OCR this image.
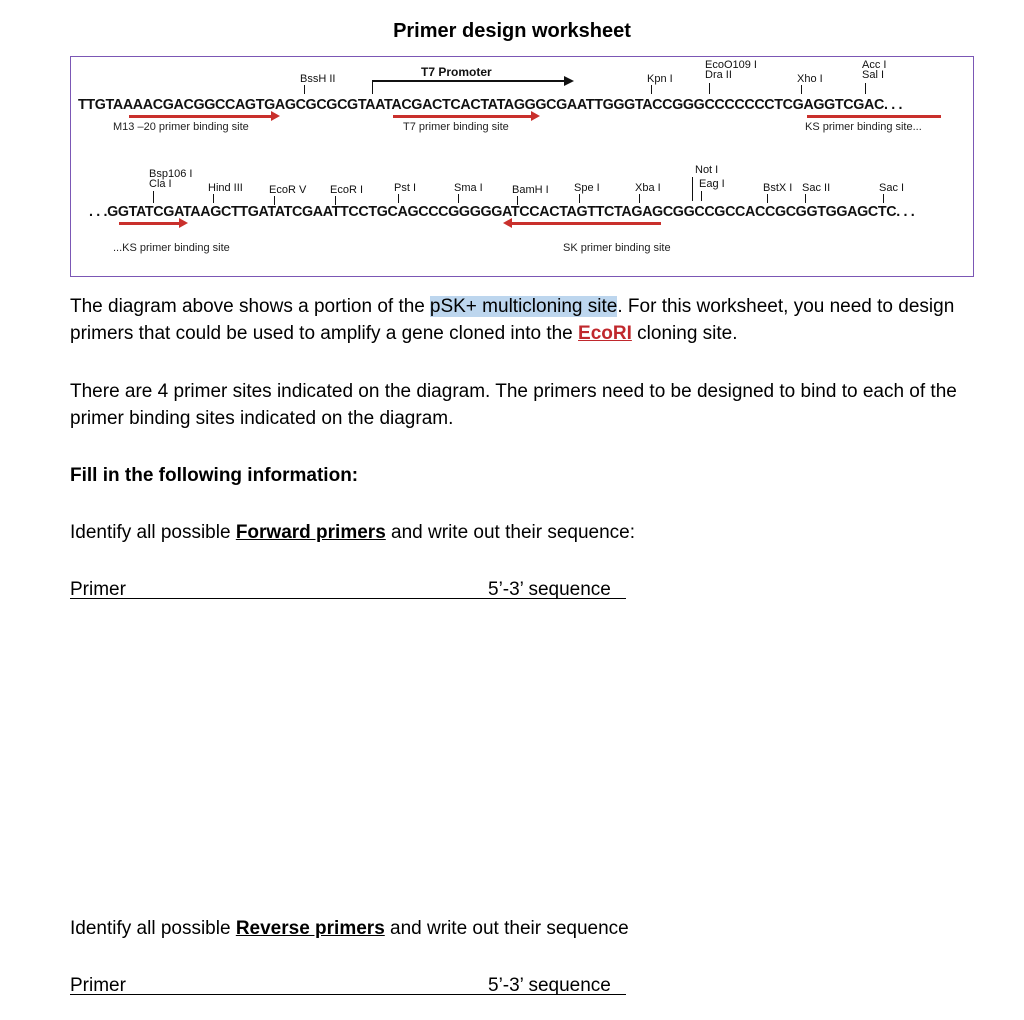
Primer design worksheet
BssH II	T7 Promoter	Kpn I
EcoO109 I
Dra II	Xho I
Acc I
Sal I
TTGTAAAACGACGGCCAGTGAGCGCGCGTAATACGACTCACTATAGGGCGAATTGGGTACCGGGCCCCCCCTCGAGGTCGAC. . .
M13 –20 primer binding site	T7 primer binding site	KS primer binding site...
Bsp106 I
Cla I	Hind III EcoR V EcoR I	Pst I	Sma I	BamH I Spe I	Xba I
Not I
Eag I	BstX I Sac II	Sac I
. . .GGTATCGATAAGCTTGATATCGAATTCCTGCAGCCCGGGGGATCCACTAGTTCTAGAGCGGCCGCCACCGCGGTGGAGCTC. . .
...KS primer binding site	SK primer binding site
The diagram above shows a portion of the pSK+ multicloning site. For this worksheet, you need to design primers that could be used to amplify a gene cloned into the EcoRI cloning site.
There are 4 primer sites indicated on the diagram. The primers need to be designed to bind to each of the primer binding sites indicated on the diagram.
Fill in the following information:
Identify all possible Forward primers and write out their sequence:
Primer	5’-3’ sequence
Identify all possible Reverse primers and write out their sequence
Primer	5’-3’ sequence
